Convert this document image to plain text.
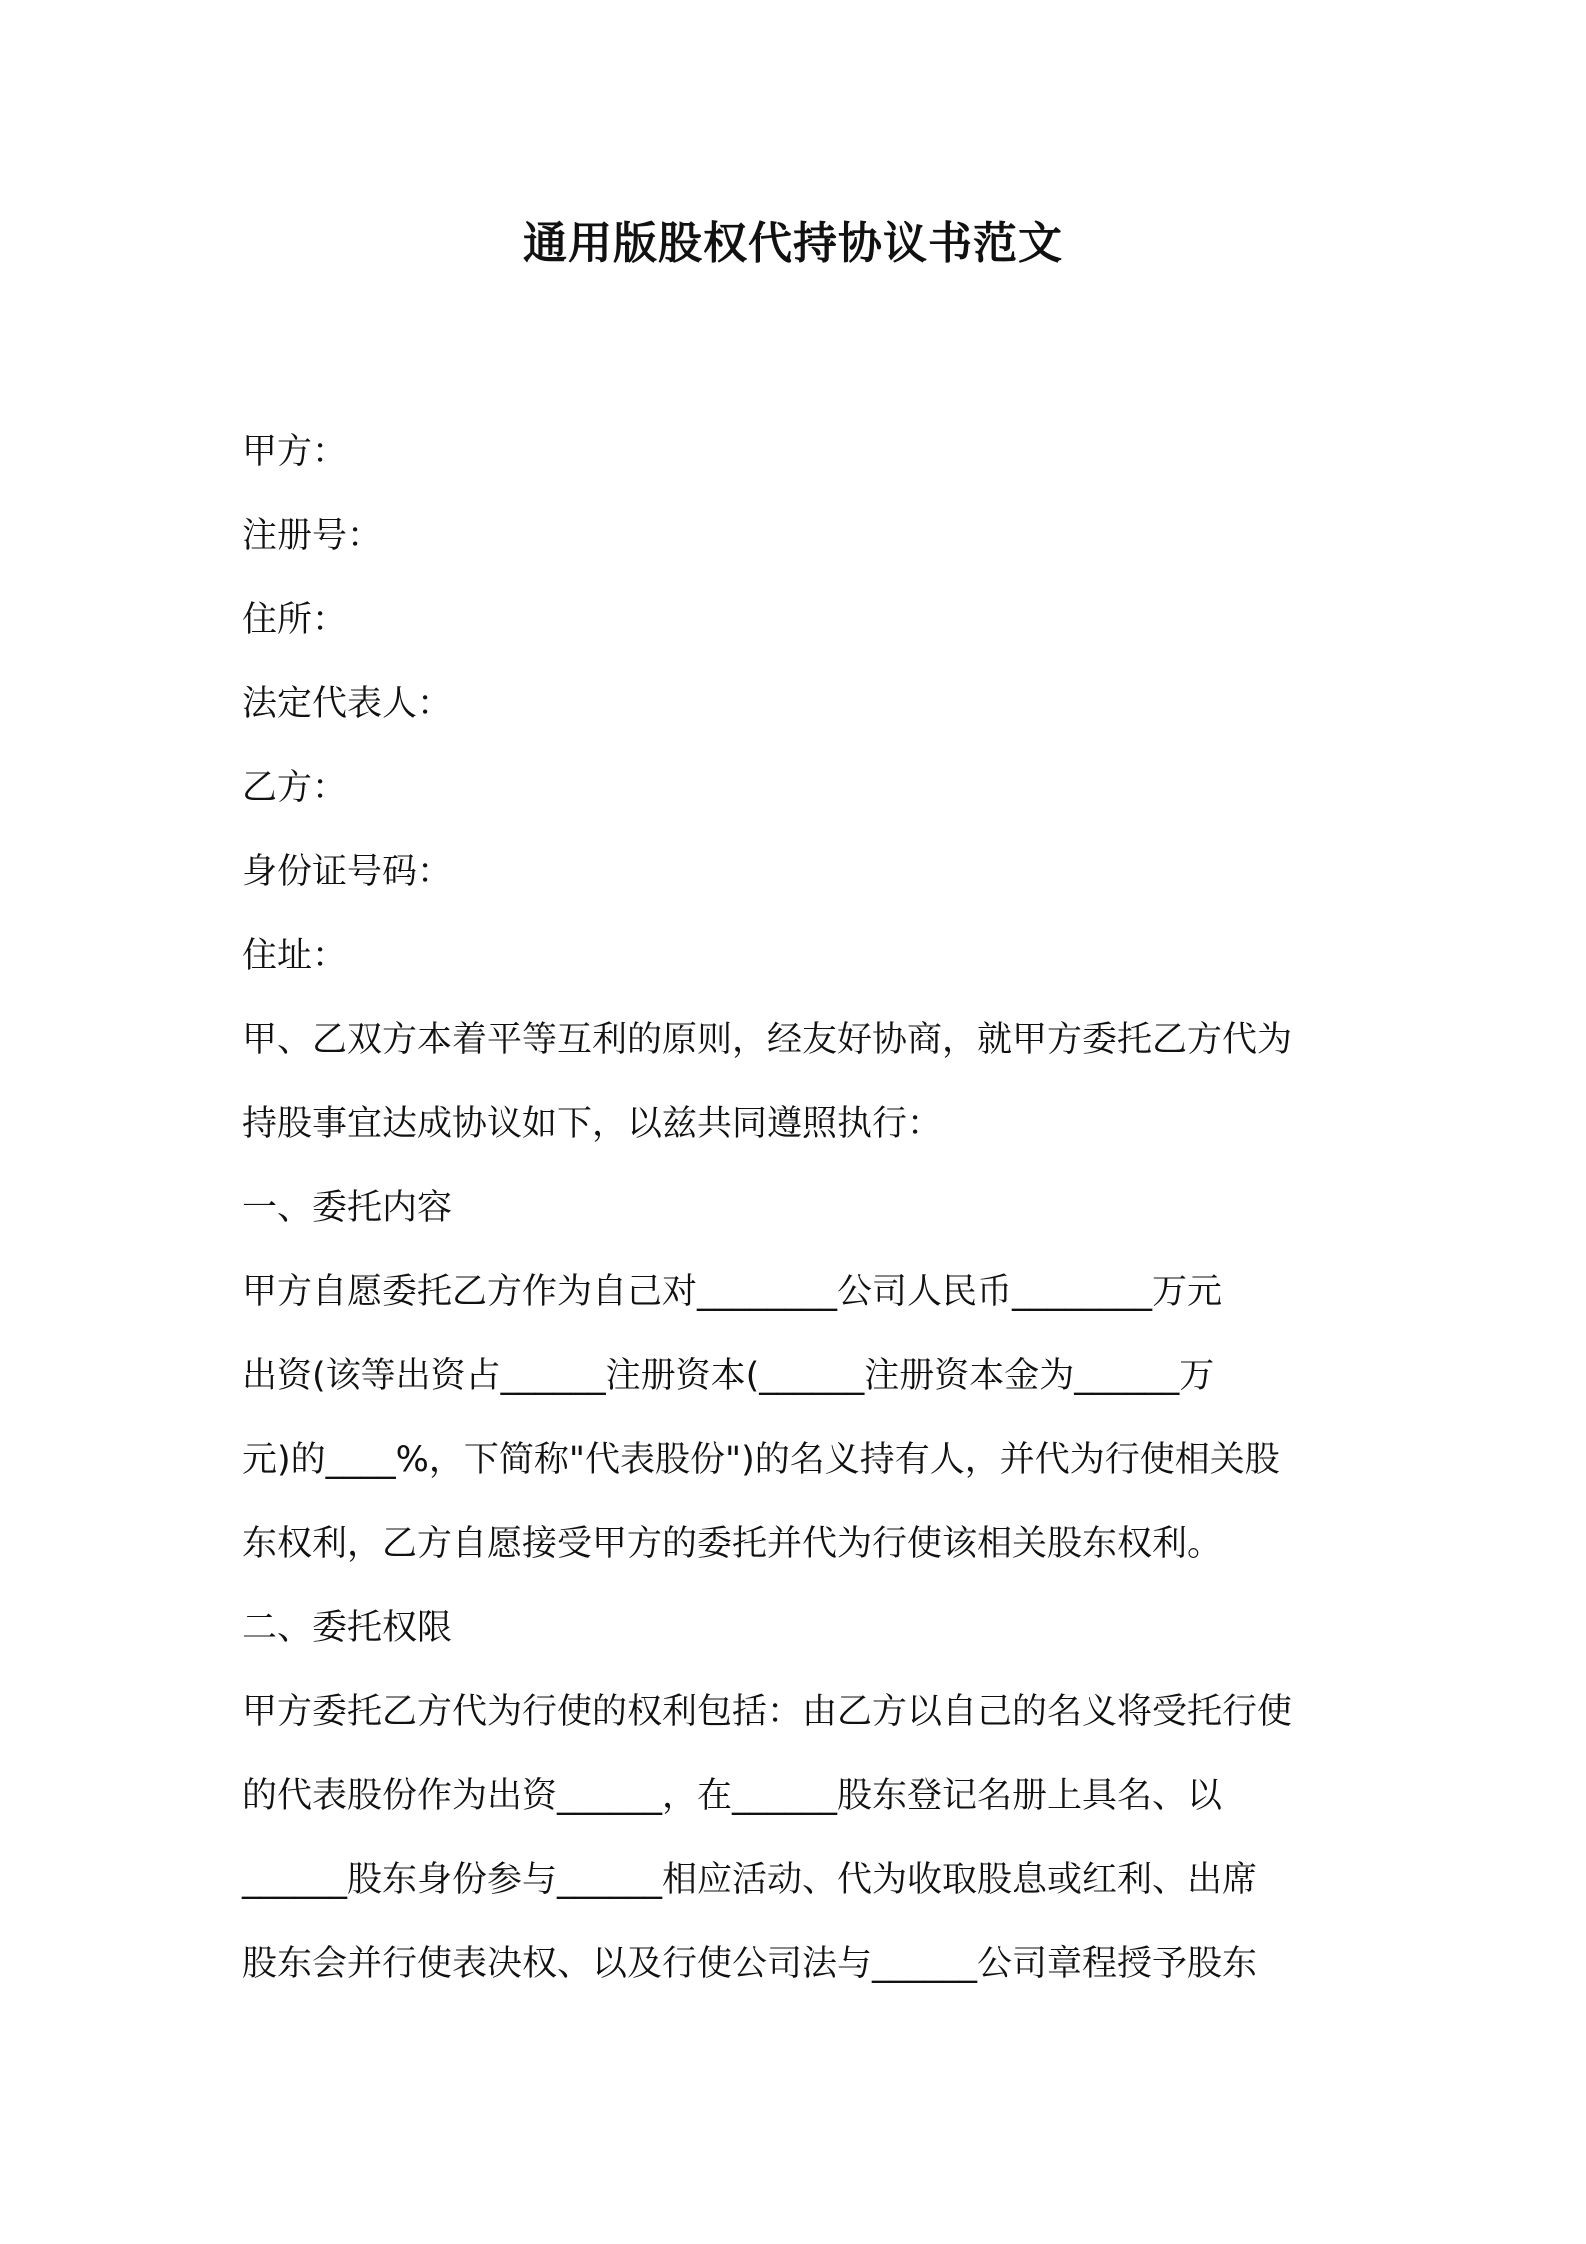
通用版股权代持协议书范文
甲方：
注册号：
住所：
法定代表人：
乙方：
身份证号码：
住址：
甲、乙双方本着平等互利的原则，经友好协商，就甲方委托乙方代为
持股事宜达成协议如下，以兹共同遵照执行：
一、委托内容
甲方自愿委托乙方作为自己对________公司人民币________万元
出资(该等出资占______注册资本(______注册资本金为______万
元)的____%，下简称"代表股份")的名义持有人，并代为行使相关股
东权利，乙方自愿接受甲方的委托并代为行使该相关股东权利。
二、委托权限
甲方委托乙方代为行使的权利包括：由乙方以自己的名义将受托行使
的代表股份作为出资______，在______股东登记名册上具名、以
______股东身份参与______相应活动、代为收取股息或红利、出席
股东会并行使表决权、以及行使公司法与______公司章程授予股东
